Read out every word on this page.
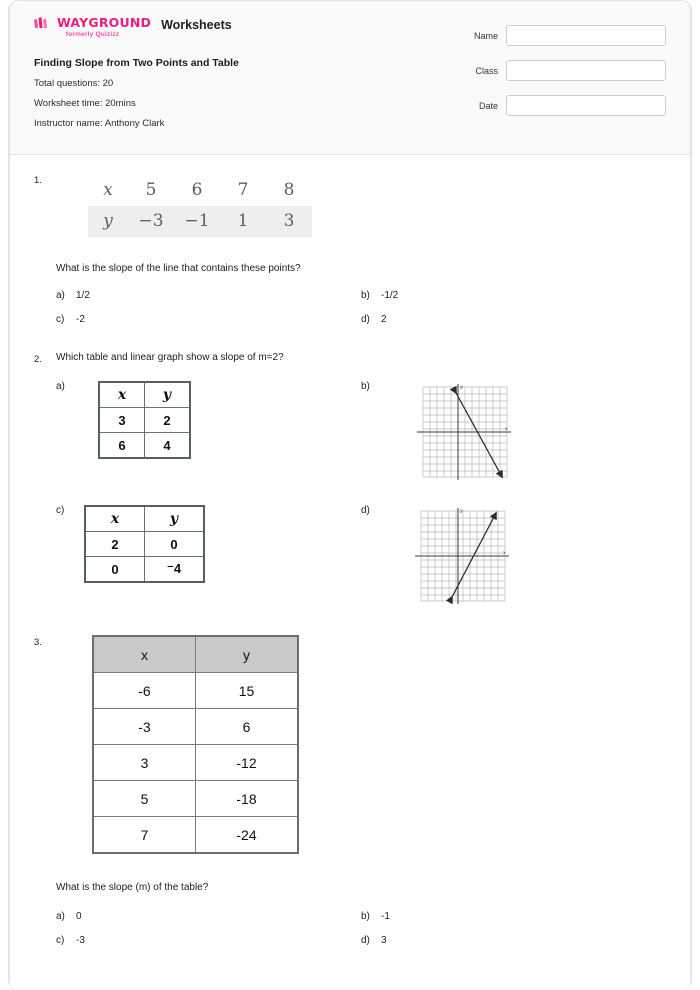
WAYGROUND
formerly Quizizz
Worksheets
Finding Slope from Two Points and Table
Total questions: 20
Worksheet time: 20mins
Instructor name: Anthony Clark
Name
Class
Date
1.	x	5	6	7	8
y	−3	−1	1	3
What is the slope of the line that contains these points?
a)	1/2	b)	-1/2
c)	-2	d)	2
2.	Which table and linear graph show a slope of m=2?
a)
x	y
3	2
6	4
b)	y
x
c)
x	y
2	0
0	⁻4
d)	y
x
3.
x	y
-6	15
-3	6
3	-12
5	-18
7	-24
What is the slope (m) of the table?
a)	0	b)	-1
c)	-3	d)	3
